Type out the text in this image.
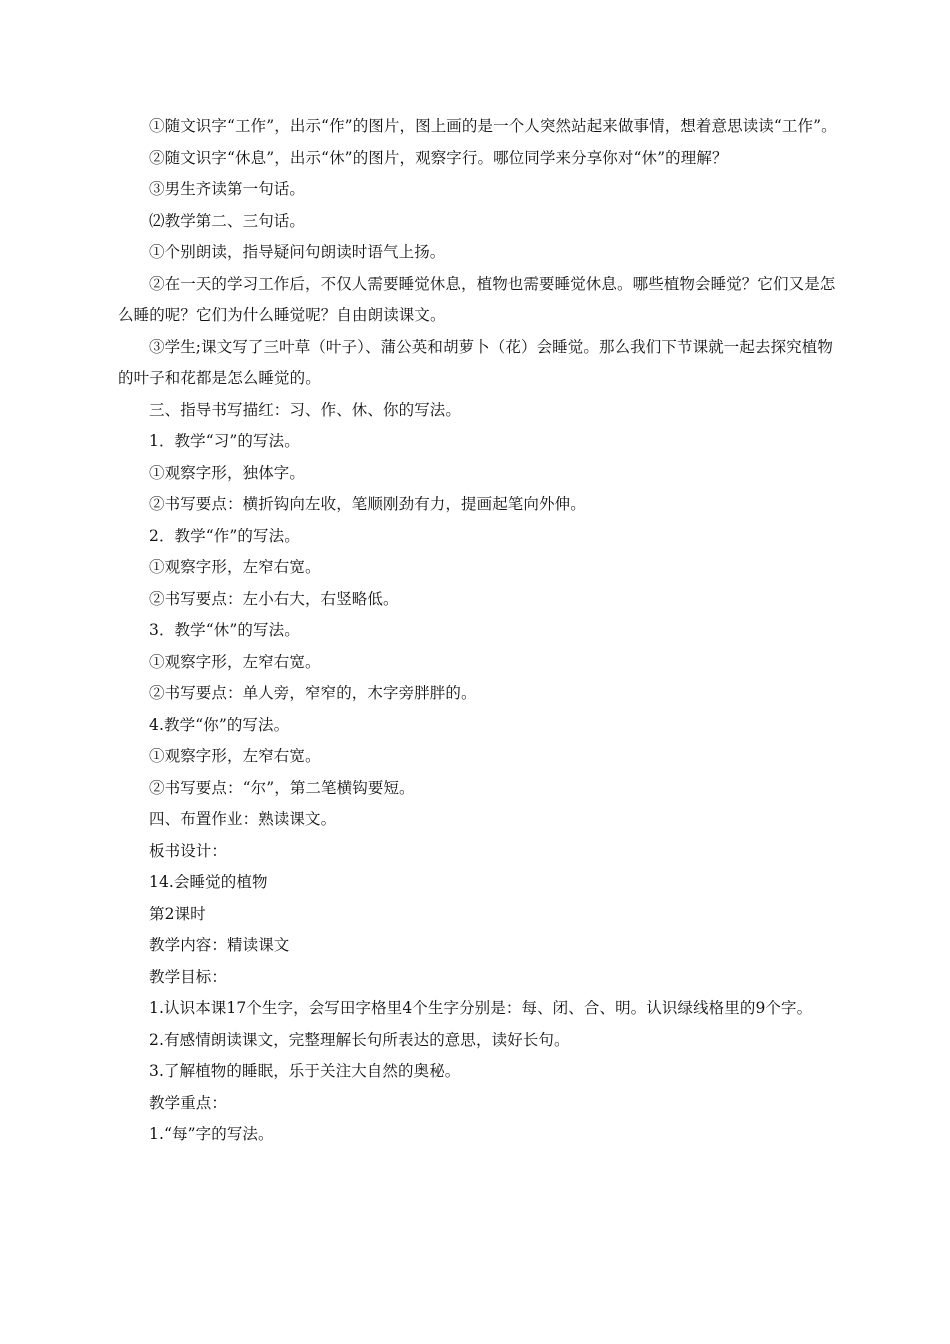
①随文识字“工作”，出示“作”的图片，图上画的是一个人突然站起来做事情，想着意思读读“工作”。

②随文识字“休息”，出示“休”的图片，观察字行。哪位同学来分享你对“休”的理解？

③男生齐读第一句话。

⑵教学第二、三句话。

①个别朗读，指导疑问句朗读时语气上扬。

②在一天的学习工作后，不仅人需要睡觉休息，植物也需要睡觉休息。哪些植物会睡觉？它们又是怎么睡的呢？它们为什么睡觉呢？自由朗读课文。

③学生;课文写了三叶草（叶子）、蒲公英和胡萝卜（花）会睡觉。那么我们下节课就一起去探究植物的叶子和花都是怎么睡觉的。

三、指导书写描红：习、作、休、你的写法。

1．教学“习”的写法。

①观察字形，独体字。

②书写要点：横折钩向左收，笔顺刚劲有力，提画起笔向外伸。

2．教学“作”的写法。

①观察字形，左窄右宽。

②书写要点：左小右大，右竖略低。

3．教学“休”的写法。

①观察字形，左窄右宽。

②书写要点：单人旁，窄窄的，木字旁胖胖的。

4.教学“你”的写法。

①观察字形，左窄右宽。

②书写要点：“尔”，第二笔横钩要短。

四、布置作业：熟读课文。

板书设计：

14.会睡觉的植物

第2课时

教学内容：精读课文

教学目标：

1.认识本课17个生字，会写田字格里4个生字分别是：每、闭、合、明。认识绿线格里的9个字。

2.有感情朗读课文，完整理解长句所表达的意思，读好长句。

3.了解植物的睡眠，乐于关注大自然的奥秘。

教学重点：

1.“每”字的写法。
